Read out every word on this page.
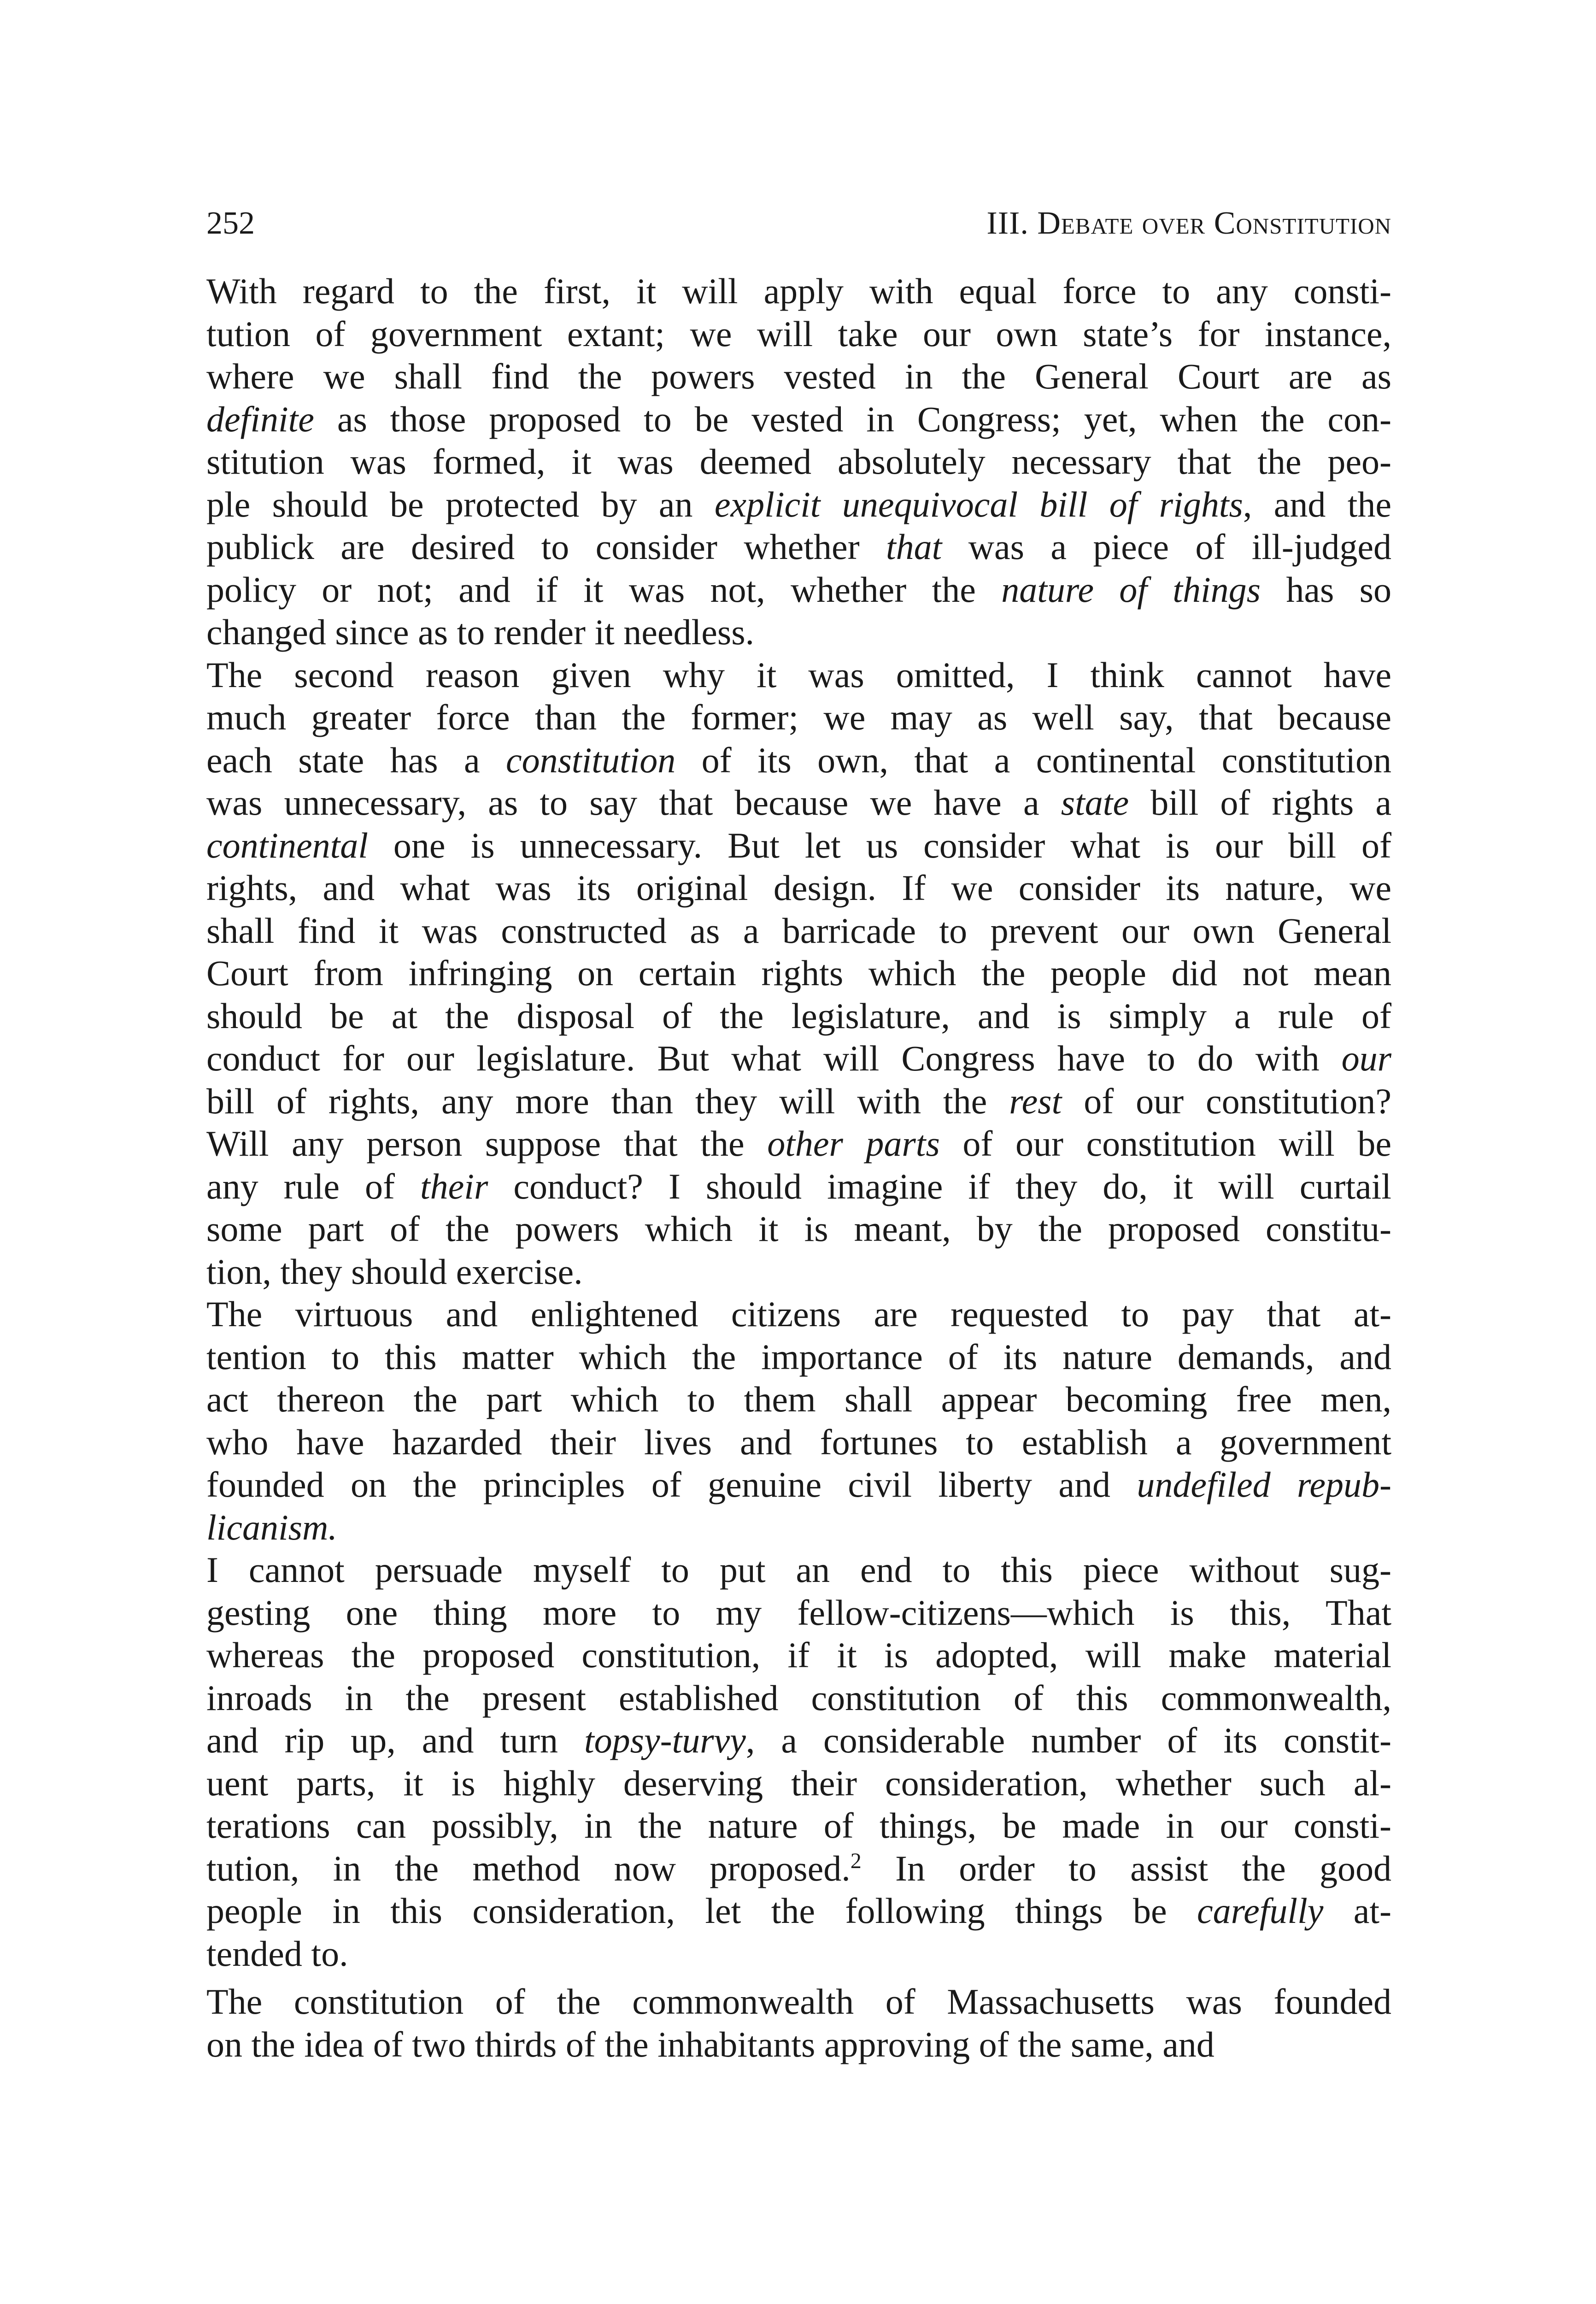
252	III. Debate over Constitution
With regard to the first, it will apply with equal force to any consti-
tution of government extant; we will take our own state’s for instance,
where we shall find the powers vested in the General Court are as
definite as those proposed to be vested in Congress; yet, when the con-
stitution was formed, it was deemed absolutely necessary that the peo-
ple should be protected by an explicit unequivocal bill of rights, and the
publick are desired to consider whether that was a piece of ill-judged
policy or not; and if it was not, whether the nature of things has so
changed since as to render it needless.
The second reason given why it was omitted, I think cannot have
much greater force than the former; we may as well say, that because
each state has a constitution of its own, that a continental constitution
was unnecessary, as to say that because we have a state bill of rights a
continental one is unnecessary. But let us consider what is our bill of
rights, and what was its original design. If we consider its nature, we
shall find it was constructed as a barricade to prevent our own General
Court from infringing on certain rights which the people did not mean
should be at the disposal of the legislature, and is simply a rule of
conduct for our legislature. But what will Congress have to do with our
bill of rights, any more than they will with the rest of our constitution?
Will any person suppose that the other parts of our constitution will be
any rule of their conduct? I should imagine if they do, it will curtail
some part of the powers which it is meant, by the proposed constitu-
tion, they should exercise.
The virtuous and enlightened citizens are requested to pay that at-
tention to this matter which the importance of its nature demands, and
act thereon the part which to them shall appear becoming free men,
who have hazarded their lives and fortunes to establish a government
founded on the principles of genuine civil liberty and undefiled repub-
licanism.
I cannot persuade myself to put an end to this piece without sug-
gesting one thing more to my fellow-citizens—which is this, That
whereas the proposed constitution, if it is adopted, will make material
inroads in the present established constitution of this commonwealth,
and rip up, and turn topsy-turvy, a considerable number of its constit-
uent parts, it is highly deserving their consideration, whether such al-
terations can possibly, in the nature of things, be made in our consti-
tution, in the method now proposed.$^2$ In order to assist the good
people in this consideration, let the following things be carefully at-
tended to.
The constitution of the commonwealth of Massachusetts was founded
on the idea of two thirds of the inhabitants approving of the same, and
